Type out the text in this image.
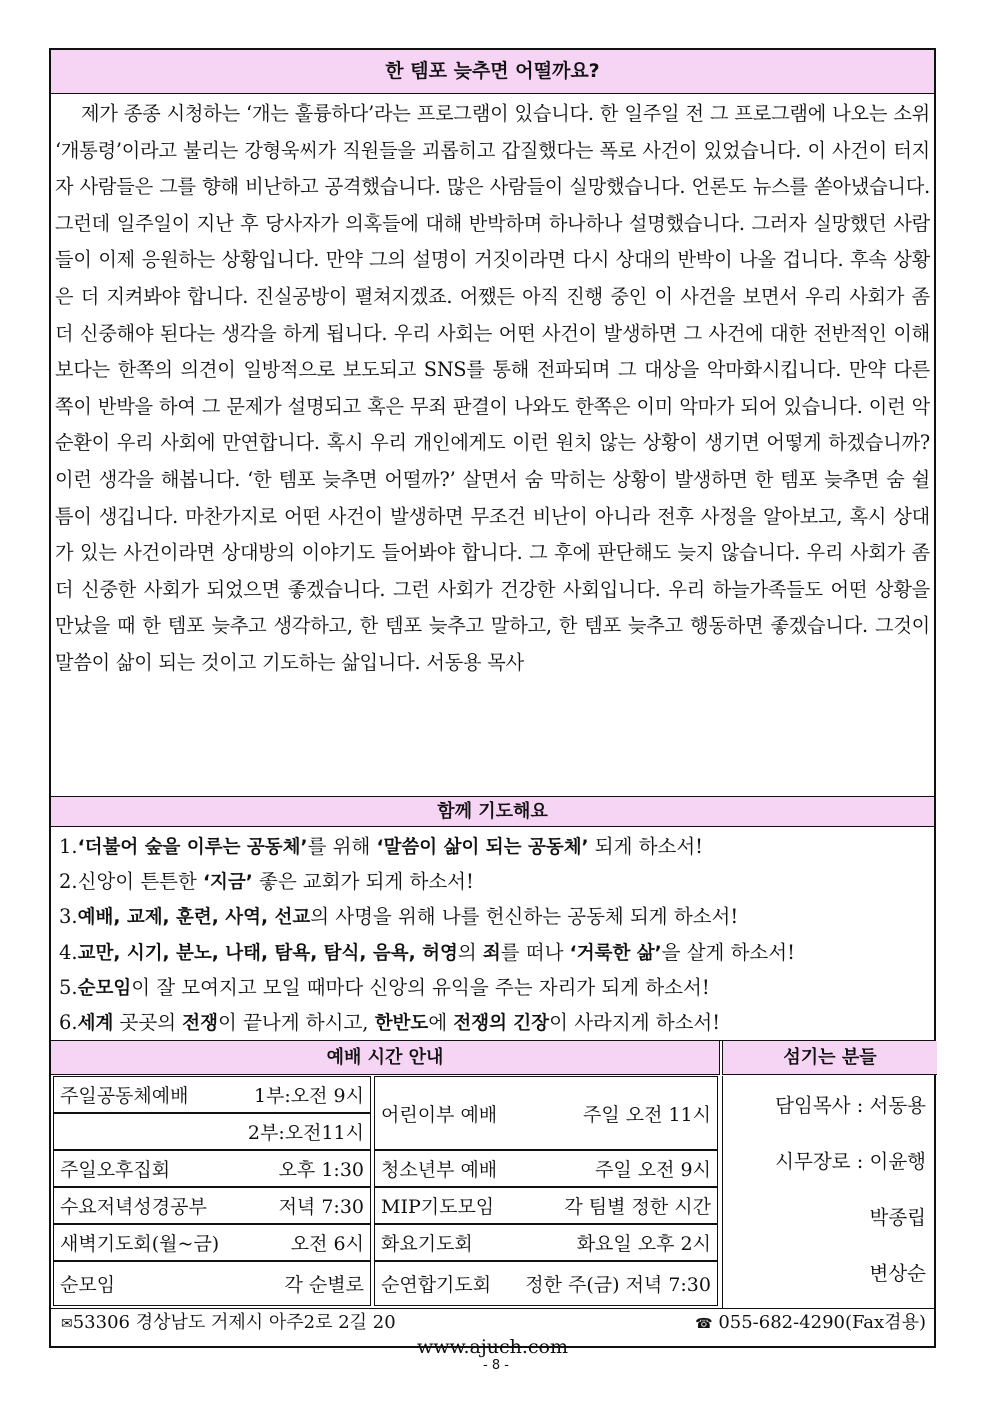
한 템포 늦추면 어떨까요?

제가 종종 시청하는 ‘개는 훌륭하다’라는 프로그램이 있습니다. 한 일주일 전 그 프로그램에 나오는 소위 ‘개통령’이라고 불리는 강형욱씨가 직원들을 괴롭히고 갑질했다는 폭로 사건이 있었습니다. 이 사건이 터지자 사람들은 그를 향해 비난하고 공격했습니다. 많은 사람들이 실망했습니다. 언론도 뉴스를 쏟아냈습니다. 그런데 일주일이 지난 후 당사자가 의혹들에 대해 반박하며 하나하나 설명했습니다. 그러자 실망했던 사람들이 이제 응원하는 상황입니다. 만약 그의 설명이 거짓이라면 다시 상대의 반박이 나올 겁니다. 후속 상황은 더 지켜봐야 합니다. 진실공방이 펼쳐지겠죠. 어쨌든 아직 진행 중인 이 사건을 보면서 우리 사회가 좀 더 신중해야 된다는 생각을 하게 됩니다. 우리 사회는 어떤 사건이 발생하면 그 사건에 대한 전반적인 이해보다는 한쪽의 의견이 일방적으로 보도되고 SNS를 통해 전파되며 그 대상을 악마화시킵니다. 만약 다른 쪽이 반박을 하여 그 문제가 설명되고 혹은 무죄 판결이 나와도 한쪽은 이미 악마가 되어 있습니다. 이런 악순환이 우리 사회에 만연합니다. 혹시 우리 개인에게도 이런 원치 않는 상황이 생기면 어떻게 하겠습니까? 이런 생각을 해봅니다. ‘한 템포 늦추면 어떨까?’ 살면서 숨 막히는 상황이 발생하면 한 템포 늦추면 숨 쉴 틈이 생깁니다. 마찬가지로 어떤 사건이 발생하면 무조건 비난이 아니라 전후 사정을 알아보고, 혹시 상대가 있는 사건이라면 상대방의 이야기도 들어봐야 합니다. 그 후에 판단해도 늦지 않습니다. 우리 사회가 좀 더 신중한 사회가 되었으면 좋겠습니다. 그런 사회가 건강한 사회입니다. 우리 하늘가족들도 어떤 상황을 만났을 때 한 템포 늦추고 생각하고, 한 템포 늦추고 말하고, 한 템포 늦추고 행동하면 좋겠습니다. 그것이 말씀이 삶이 되는 것이고 기도하는 삶입니다. 서동용 목사

함께 기도해요
1.‘더불어 숲을 이루는 공동체’를 위해 ‘말씀이 삶이 되는 공동체’ 되게 하소서!
2.신앙이 튼튼한 ‘지금’ 좋은 교회가 되게 하소서!
3.예배, 교제, 훈련, 사역, 선교의 사명을 위해 나를 헌신하는 공동체 되게 하소서!
4.교만, 시기, 분노, 나태, 탐욕, 탐식, 음욕, 허영의 죄를 떠나 ‘거룩한 삶’을 살게 하소서!
5.순모임이 잘 모여지고 모일 때마다 신앙의 유익을 주는 자리가 되게 하소서!
6.세계 곳곳의 전쟁이 끝나게 하시고, 한반도에 전쟁의 긴장이 사라지게 하소서!
예배 시간 안내	섬기는 분들
주일공동체예배	1부:오전 9시
2부:오전11시
주일오후집회	오후 1:30
수요저녁성경공부	저녁 7:30
새벽기도회(월~금)	오전 6시
순모임	각 순별로
어린이부 예배	주일 오전 11시
청소년부 예배	주일 오전 9시
MIP기도모임	각 팀별 정한 시간
화요기도회	화요일 오후 2시
순연합기도회 정한 주(금) 저녁 7:30
담임목사 : 서동용
시무장로 : 이윤행
박종립
변상순
✉53306 경상남도 거제시 아주2로 2길 20	☎ 055-682-4290(Fax겸용)
www.ajuch.com
- 8 -
